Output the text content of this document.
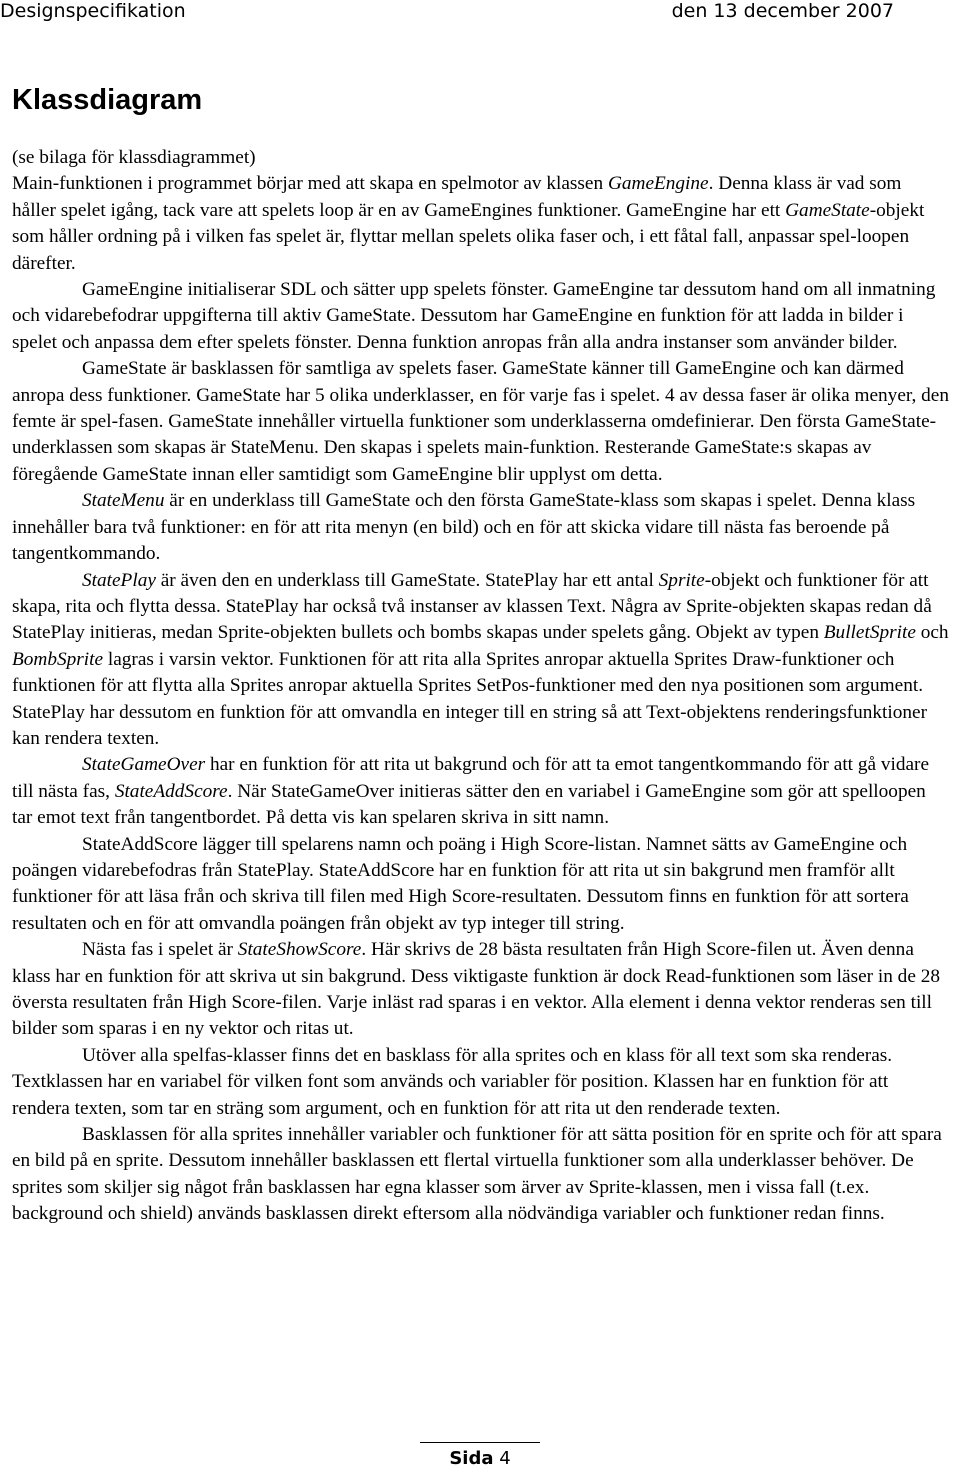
Designspecifikation	den 13 december 2007
Klassdiagram

(se bilaga för klassdiagrammet)

Main-funktionen i programmet börjar med att skapa en spelmotor av klassen GameEngine. Denna klass är vad som håller spelet igång, tack vare att spelets loop är en av GameEngines funktioner. GameEngine har ett GameState-objekt som håller ordning på i vilken fas spelet är, flyttar mellan spelets olika faser och, i ett fåtal fall, anpassar spel-loopen därefter.

GameEngine initialiserar SDL och sätter upp spelets fönster. GameEngine tar dessutom hand om all inmatning och vidarebefodrar uppgifterna till aktiv GameState. Dessutom har GameEngine en funktion för att ladda in bilder i spelet och anpassa dem efter spelets fönster. Denna funktion anropas från alla andra instanser som använder bilder.

GameState är basklassen för samtliga av spelets faser. GameState känner till GameEngine och kan därmed anropa dess funktioner. GameState har 5 olika underklasser, en för varje fas i spelet. 4 av dessa faser är olika menyer, den femte är spel-fasen. GameState innehåller virtuella funktioner som underklasserna omdefinierar. Den första GameState-underklassen som skapas är StateMenu. Den skapas i spelets main-funktion. Resterande GameState:s skapas av föregående GameState innan eller samtidigt som GameEngine blir upplyst om detta.

StateMenu är en underklass till GameState och den första GameState-klass som skapas i spelet. Denna klass innehåller bara två funktioner: en för att rita menyn (en bild) och en för att skicka vidare till nästa fas beroende på tangentkommando.

StatePlay är även den en underklass till GameState. StatePlay har ett antal Sprite-objekt och funktioner för att skapa, rita och flytta dessa. StatePlay har också två instanser av klassen Text. Några av Sprite-objekten skapas redan då StatePlay initieras, medan Sprite-objekten bullets och bombs skapas under spelets gång. Objekt av typen BulletSprite och BombSprite lagras i varsin vektor. Funktionen för att rita alla Sprites anropar aktuella Sprites Draw-funktioner och funktionen för att flytta alla Sprites anropar aktuella Sprites SetPos-funktioner med den nya positionen som argument. StatePlay har dessutom en funktion för att omvandla en integer till en string så att Text-objektens renderingsfunktioner kan rendera texten.

StateGameOver har en funktion för att rita ut bakgrund och för att ta emot tangentkommando för att gå vidare till nästa fas, StateAddScore. När StateGameOver initieras sätter den en variabel i GameEngine som gör att spelloopen tar emot text från tangentbordet. På detta vis kan spelaren skriva in sitt namn.

StateAddScore lägger till spelarens namn och poäng i High Score-listan. Namnet sätts av GameEngine och poängen vidarebefodras från StatePlay. StateAddScore har en funktion för att rita ut sin bakgrund men framför allt funktioner för att läsa från och skriva till filen med High Score-resultaten. Dessutom finns en funktion för att sortera resultaten och en för att omvandla poängen från objekt av typ integer till string.

Nästa fas i spelet är StateShowScore. Här skrivs de 28 bästa resultaten från High Score-filen ut. Även denna klass har en funktion för att skriva ut sin bakgrund. Dess viktigaste funktion är dock Read-funktionen som läser in de 28 översta resultaten från High Score-filen. Varje inläst rad sparas i en vektor. Alla element i denna vektor renderas sen till bilder som sparas i en ny vektor och ritas ut.

Utöver alla spelfas-klasser finns det en basklass för alla sprites och en klass för all text som ska renderas. Textklassen har en variabel för vilken font som används och variabler för position. Klassen har en funktion för att rendera texten, som tar en sträng som argument, och en funktion för att rita ut den renderade texten.

Basklassen för alla sprites innehåller variabler och funktioner för att sätta position för en sprite och för att spara en bild på en sprite. Dessutom innehåller basklassen ett flertal virtuella funktioner som alla underklasser behöver. De sprites som skiljer sig något från basklassen har egna klasser som ärver av Sprite-klassen, men i vissa fall (t.ex. background och shield) används basklassen direkt eftersom alla nödvändiga variabler och funktioner redan finns.

Sida 4
